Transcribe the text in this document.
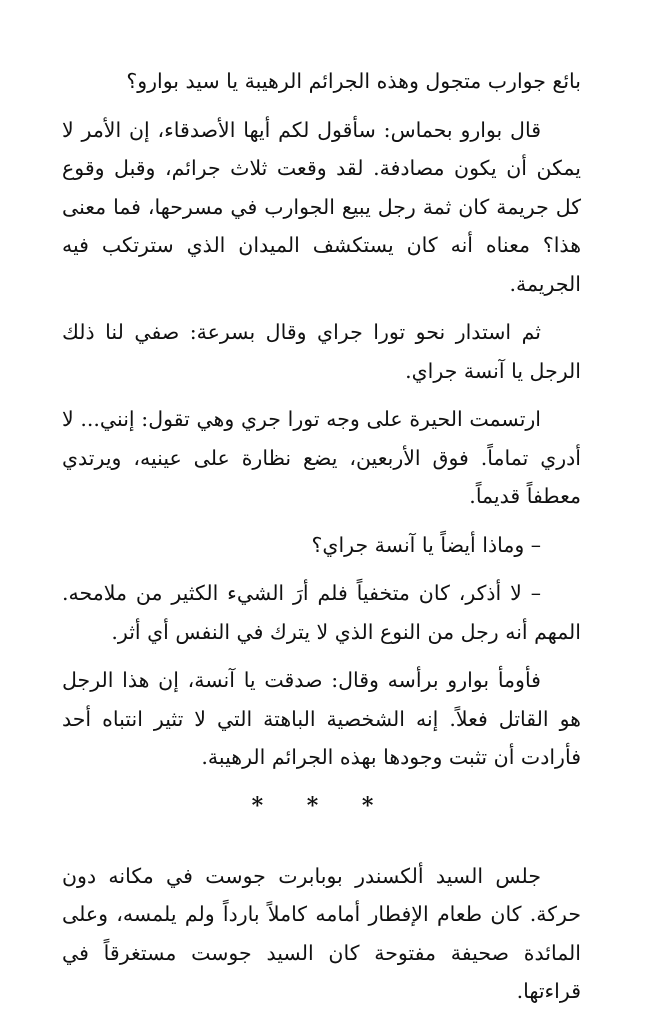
بائع جوارب متجول وهذه الجرائم الرهيبة يا سيد بوارو؟

قال بوارو بحماس: سأقول لكم أيها الأصدقاء، إن الأمر لا يمكن أن يكون مصادفة. لقد وقعت ثلاث جرائم، وقبل وقوع كل جريمة كان ثمة رجل يبيع الجوارب في مسرحها، فما معنى هذا؟ معناه أنه كان يستكشف الميدان الذي سترتكب فيه الجريمة.

ثم استدار نحو تورا جراي وقال بسرعة: صفي لنا ذلك الرجل يا آنسة جراي.

ارتسمت الحيرة على وجه تورا جري وهي تقول: إنني... لا أدري تماماً. فوق الأربعين، يضع نظارة على عينيه، ويرتدي معطفاً قديماً.

– وماذا أيضاً يا آنسة جراي؟

– لا أذكر، كان متخفياً فلم أرَ الشيء الكثير من ملامحه. المهم أنه رجل من النوع الذي لا يترك في النفس أي أثر.

فأومأ بوارو برأسه وقال: صدقت يا آنسة، إن هذا الرجل هو القاتل فعلاً. إنه الشخصية الباهتة التي لا تثير انتباه أحد فأرادت أن تثبت وجودها بهذه الجرائم الرهيبة.

* * *

جلس السيد ألكسندر بوبابرت جوست في مكانه دون حركة. كان طعام الإفطار أمامه كاملاً بارداً ولم يلمسه، وعلى المائدة صحيفة مفتوحة كان السيد جوست مستغرقاً في قراءتها.
